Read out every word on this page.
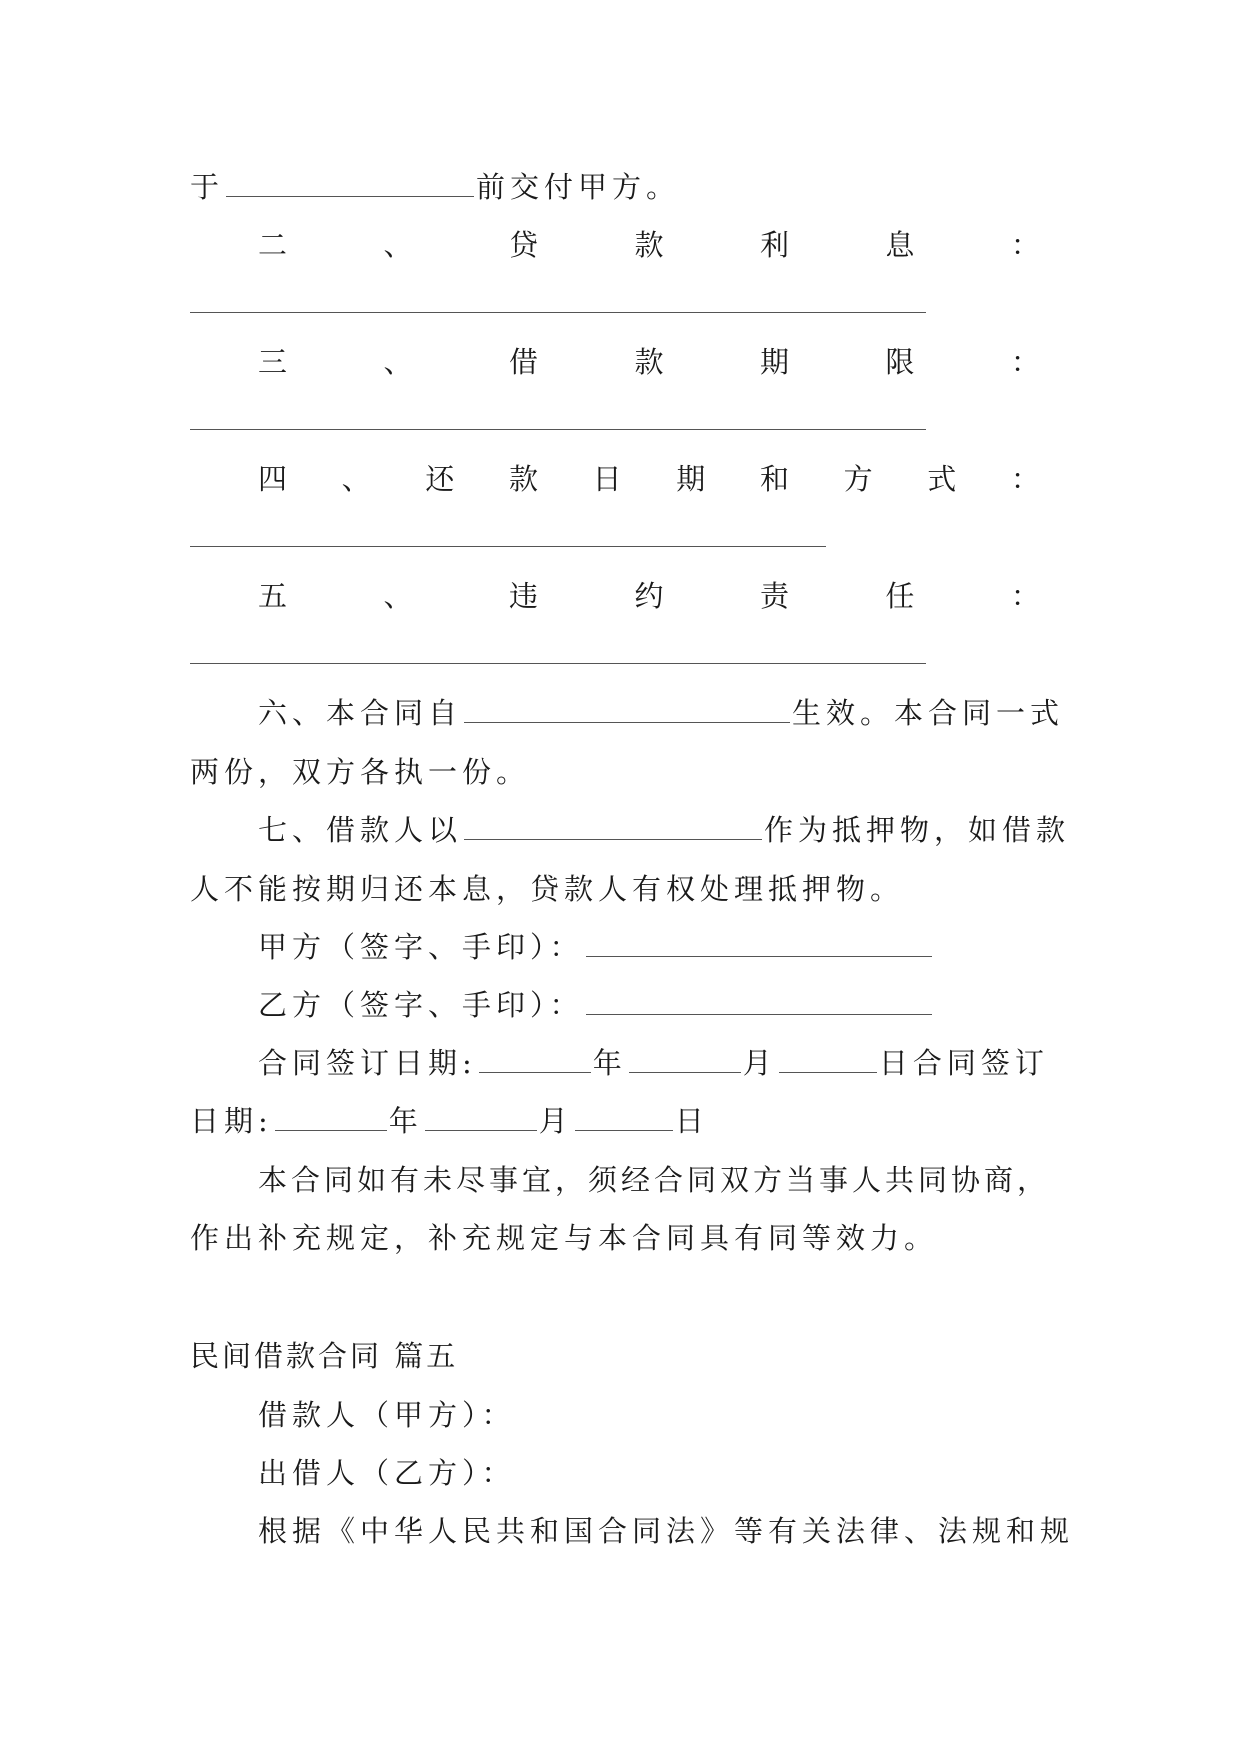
于	前交付甲方。
二	、	贷	款	利	息	：
三	、	借	款	期	限	：
四 、 还 款 日 期 和 方 式 ：
五	、	违	约	责	任	：
六、本合同自	生效。本合同一式
两份，双方各执一份。
七、借款人以	作为抵押物，如借款
人不能按期归还本息，贷款人有权处理抵押物。
甲方（签字、手印）：
乙方（签字、手印）：
合同签订日期:	年	月	日合同签订
日期:	年	月	日
本合同如有未尽事宜，须经合同双方当事人共同协商，
作出补充规定，补充规定与本合同具有同等效力。
民间借款合同 篇五
借款人（甲方）：
出借人（乙方）：
根据《中华人民共和国合同法》等有关法律、法规和规
